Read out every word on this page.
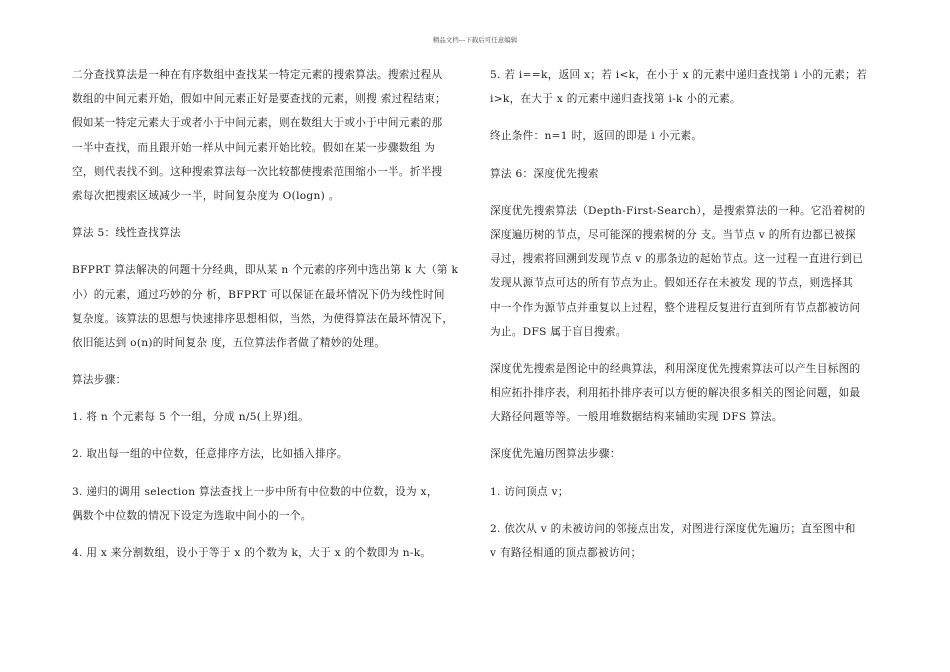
精品文档---下载后可任意编辑
二分查找算法是一种在有序数组中查找某一特定元素的搜索算法。搜索过程从
数组的中间元素开始，假如中间元素正好是要查找的元素，则搜 索过程结束；
假如某一特定元素大于或者小于中间元素，则在数组大于或小于中间元素的那
一半中查找，而且跟开始一样从中间元素开始比较。假如在某一步骤数组 为
空，则代表找不到。这种搜索算法每一次比较都使搜索范围缩小一半。折半搜
索每次把搜索区域减少一半，时间复杂度为 O(logn) 。
算法 5：线性查找算法
BFPRT 算法解决的问题十分经典，即从某 n 个元素的序列中选出第 k 大（第 k
小）的元素，通过巧妙的分 析，BFPRT 可以保证在最坏情况下仍为线性时间
复杂度。该算法的思想与快速排序思想相似，当然，为使得算法在最坏情况下，
依旧能达到 o(n)的时间复杂 度，五位算法作者做了精妙的处理。
算法步骤：
1. 将 n 个元素每 5 个一组，分成 n/5(上界)组。
2. 取出每一组的中位数，任意排序方法，比如插入排序。
3. 递归的调用 selection 算法查找上一步中所有中位数的中位数，设为 x，
偶数个中位数的情况下设定为选取中间小的一个。
4. 用 x 来分割数组，设小于等于 x 的个数为 k，大于 x 的个数即为 n-k。
5. 若 i==k，返回 x；若 i<k，在小于 x 的元素中递归查找第 i 小的元素；若
i>k，在大于 x 的元素中递归查找第 i-k 小的元素。
终止条件：n=1 时，返回的即是 i 小元素。
算法 6：深度优先搜索
深度优先搜索算法（Depth-First-Search），是搜索算法的一种。它沿着树的
深度遍历树的节点，尽可能深的搜索树的分 支。当节点 v 的所有边都已被探
寻过，搜索将回溯到发现节点 v 的那条边的起始节点。这一过程一直进行到已
发现从源节点可达的所有节点为止。假如还存在未被发 现的节点，则选择其
中一个作为源节点并重复以上过程，整个进程反复进行直到所有节点都被访问
为止。DFS 属于盲目搜索。
深度优先搜索是图论中的经典算法，利用深度优先搜索算法可以产生目标图的
相应拓扑排序表，利用拓扑排序表可以方便的解决很多相关的图论问题，如最
大路径问题等等。一般用堆数据结构来辅助实现 DFS 算法。
深度优先遍历图算法步骤：
1. 访问顶点 v；
2. 依次从 v 的未被访问的邻接点出发，对图进行深度优先遍历；直至图中和
v 有路径相通的顶点都被访问；
